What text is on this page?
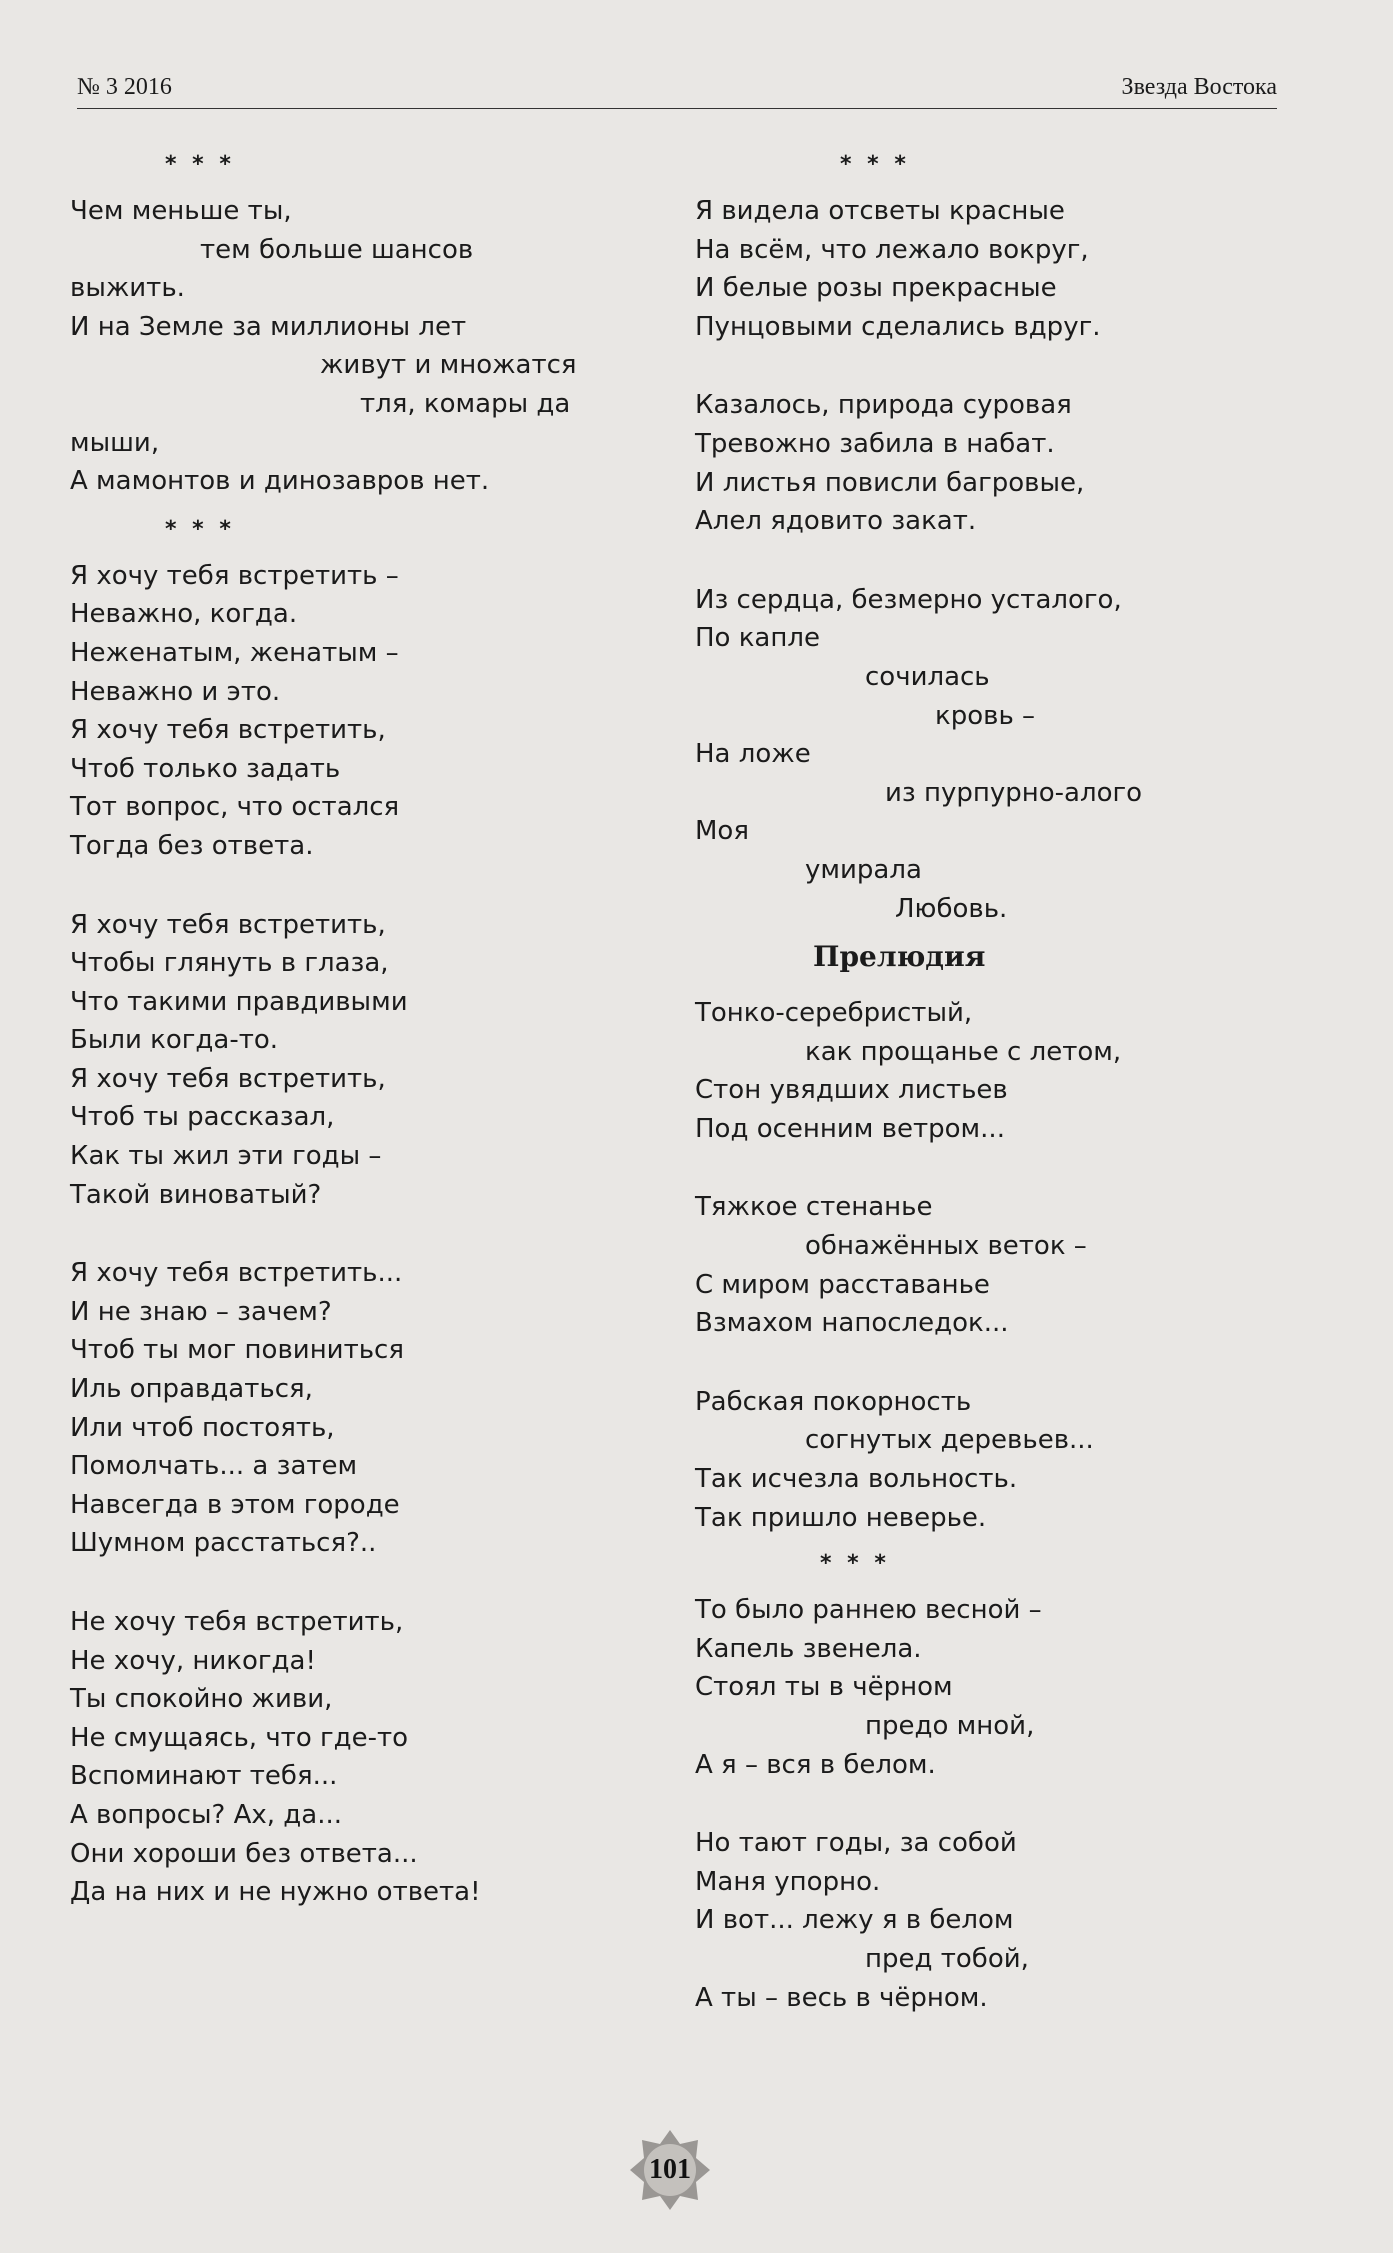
№ 3 2016	Звезда Востока
* * *
Чем меньше ты,
тем больше шансов
выжить.
И на Земле за миллионы лет
живут и множатся
тля, комары да
мыши,
А мамонтов и динозавров нет.
* * *
Я хочу тебя встретить –
Неважно, когда.
Неженатым, женатым –
Неважно и это.
Я хочу тебя встретить,
Чтоб только задать
Тот вопрос, что остался
Тогда без ответа.
Я хочу тебя встретить,
Чтобы глянуть в глаза,
Что такими правдивыми
Были когда-то.
Я хочу тебя встретить,
Чтоб ты рассказал,
Как ты жил эти годы –
Такой виноватый?
Я хочу тебя встретить...
И не знаю – зачем?
Чтоб ты мог повиниться
Иль оправдаться,
Или чтоб постоять,
Помолчать... а затем
Навсегда в этом городе
Шумном расстаться?..
Не хочу тебя встретить,
Не хочу, никогда!
Ты спокойно живи,
Не смущаясь, что где-то
Вспоминают тебя...
А вопросы? Ах, да...
Они хороши без ответа...
Да на них и не нужно ответа!
* * *
Я видела отсветы красные
На всём, что лежало вокруг,
И белые розы прекрасные
Пунцовыми сделались вдруг.
Казалось, природа суровая
Тревожно забила в набат.
И листья повисли багровые,
Алел ядовито закат.
Из сердца, безмерно усталого,
По капле
сочилась
кровь –
На ложе
из пурпурно-алого
Моя
умирала
Любовь.
Прелюдия
Тонко-серебристый,
как прощанье с летом,
Стон увядших листьев
Под осенним ветром...
Тяжкое стенанье
обнажённых веток –
С миром расставанье
Взмахом напоследок...
Рабская покорность
согнутых деревьев...
Так исчезла вольность.
Так пришло неверье.
* * *
То было раннею весной –
Капель звенела.
Стоял ты в чёрном
предо мной,
А я – вся в белом.
Но тают годы, за собой
Маня упорно.
И вот... лежу я в белом
пред тобой,
А ты – весь в чёрном.
101
